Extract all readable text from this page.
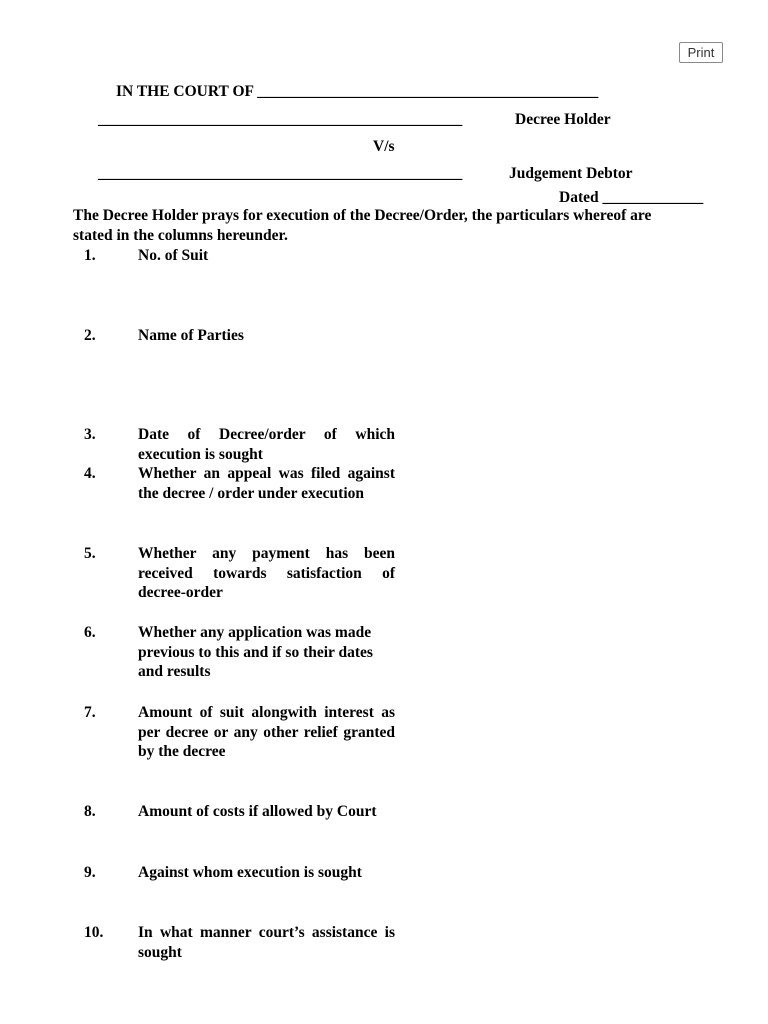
Print
IN THE COURT OF ____________________________________________
_______________________________________________	Decree Holder
V/s
_______________________________________________	Judgement Debtor
Dated _____________
The Decree Holder prays for execution of the Decree/Order, the particulars whereof are stated in the columns hereunder.
1.	No. of Suit
2.	Name of Parties
3.	Date of Decree/order of which execution is sought
4.	Whether an appeal was filed against the decree / order under execution
5.	Whether any payment has been received towards satisfaction of decree-order
6.	Whether any application was made previous to this and if so their dates and results
7.	Amount of suit alongwith interest as per decree or any other relief granted by the decree
8.	Amount of costs if allowed by Court
9.	Against whom execution is sought
10.	In what manner court’s assistance is sought
